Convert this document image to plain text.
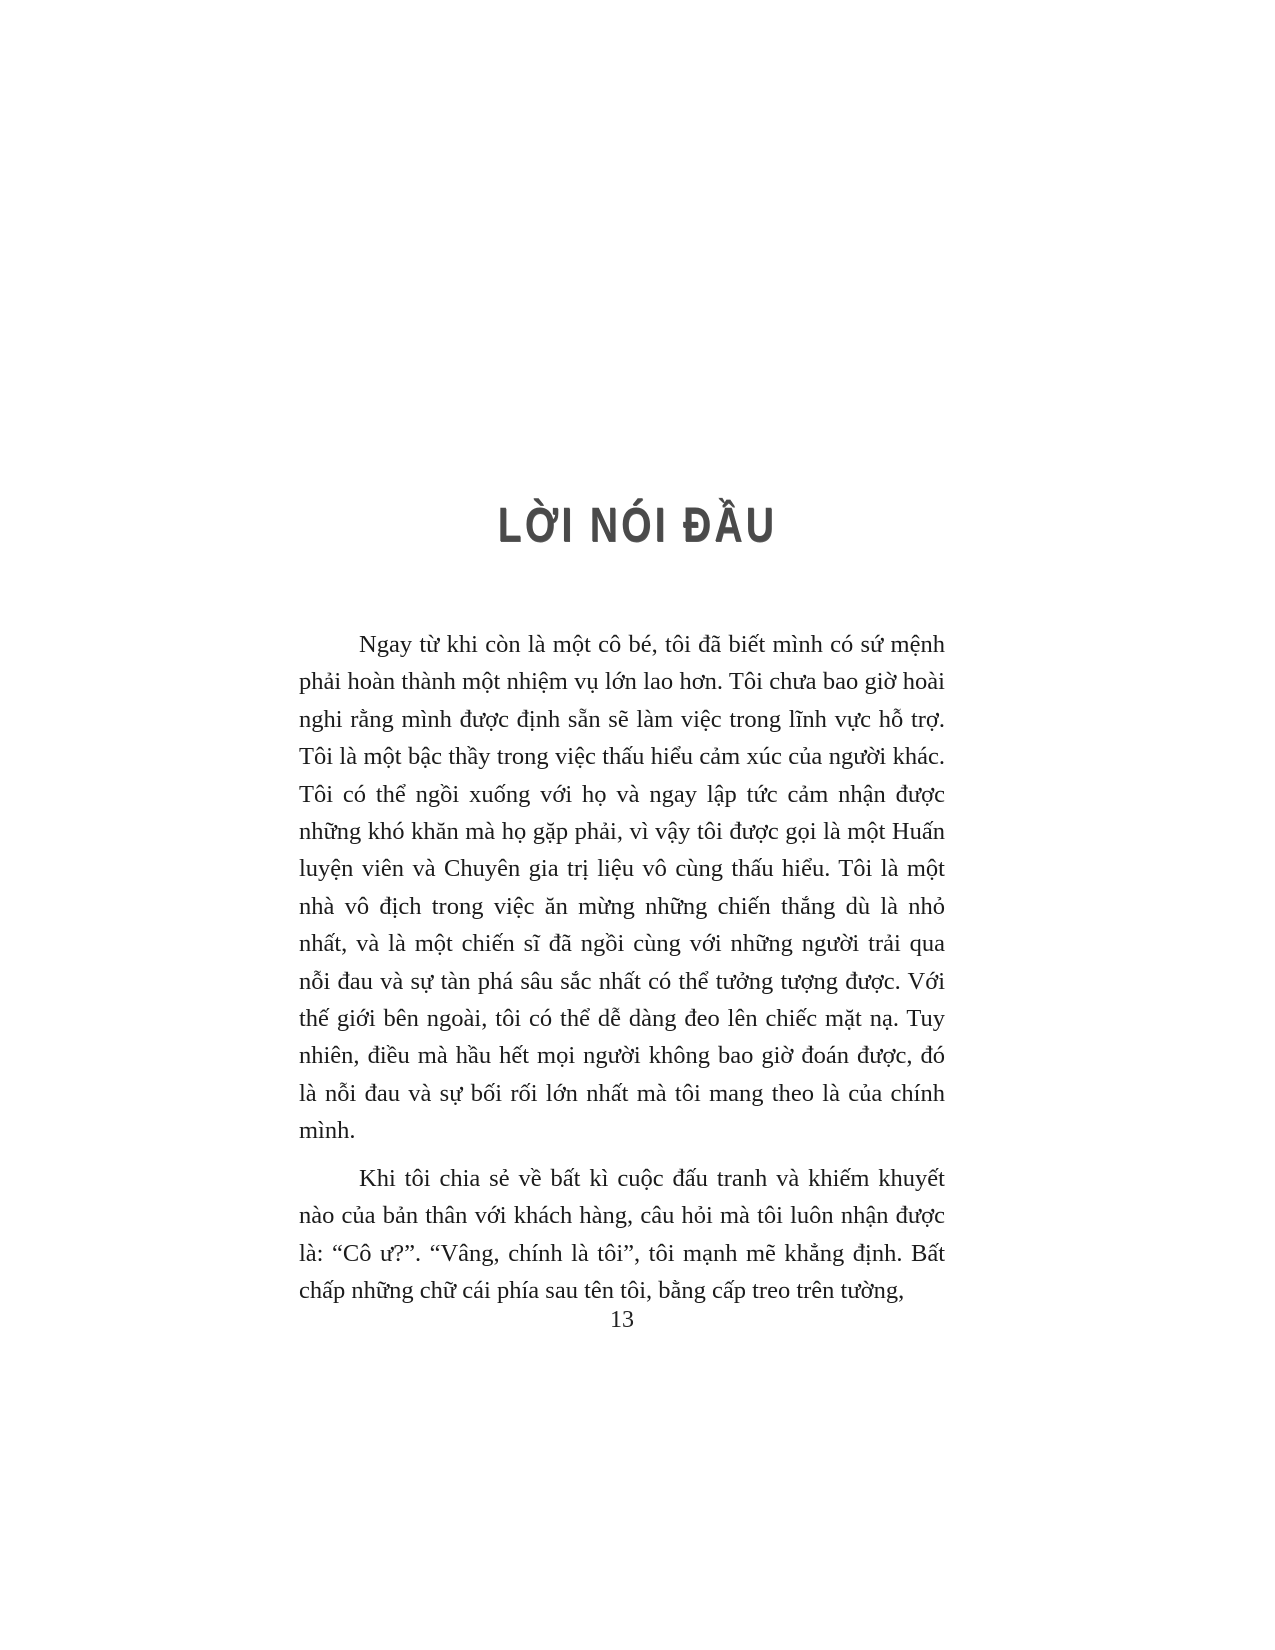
LỜI NÓI ĐẦU

Ngay từ khi còn là một cô bé, tôi đã biết mình có sứ mệnh phải hoàn thành một nhiệm vụ lớn lao hơn. Tôi chưa bao giờ hoài nghi rằng mình được định sẵn sẽ làm việc trong lĩnh vực hỗ trợ. Tôi là một bậc thầy trong việc thấu hiểu cảm xúc của người khác. Tôi có thể ngồi xuống với họ và ngay lập tức cảm nhận được những khó khăn mà họ gặp phải, vì vậy tôi được gọi là một Huấn luyện viên và Chuyên gia trị liệu vô cùng thấu hiểu. Tôi là một nhà vô địch trong việc ăn mừng những chiến thắng dù là nhỏ nhất, và là một chiến sĩ đã ngồi cùng với những người trải qua nỗi đau và sự tàn phá sâu sắc nhất có thể tưởng tượng được. Với thế giới bên ngoài, tôi có thể dễ dàng đeo lên chiếc mặt nạ. Tuy nhiên, điều mà hầu hết mọi người không bao giờ đoán được, đó là nỗi đau và sự bối rối lớn nhất mà tôi mang theo là của chính mình.

Khi tôi chia sẻ về bất kì cuộc đấu tranh và khiếm khuyết nào của bản thân với khách hàng, câu hỏi mà tôi luôn nhận được là: “Cô ư?”. “Vâng, chính là tôi”, tôi mạnh mẽ khẳng định. Bất chấp những chữ cái phía sau tên tôi, bằng cấp treo trên tường,

13
